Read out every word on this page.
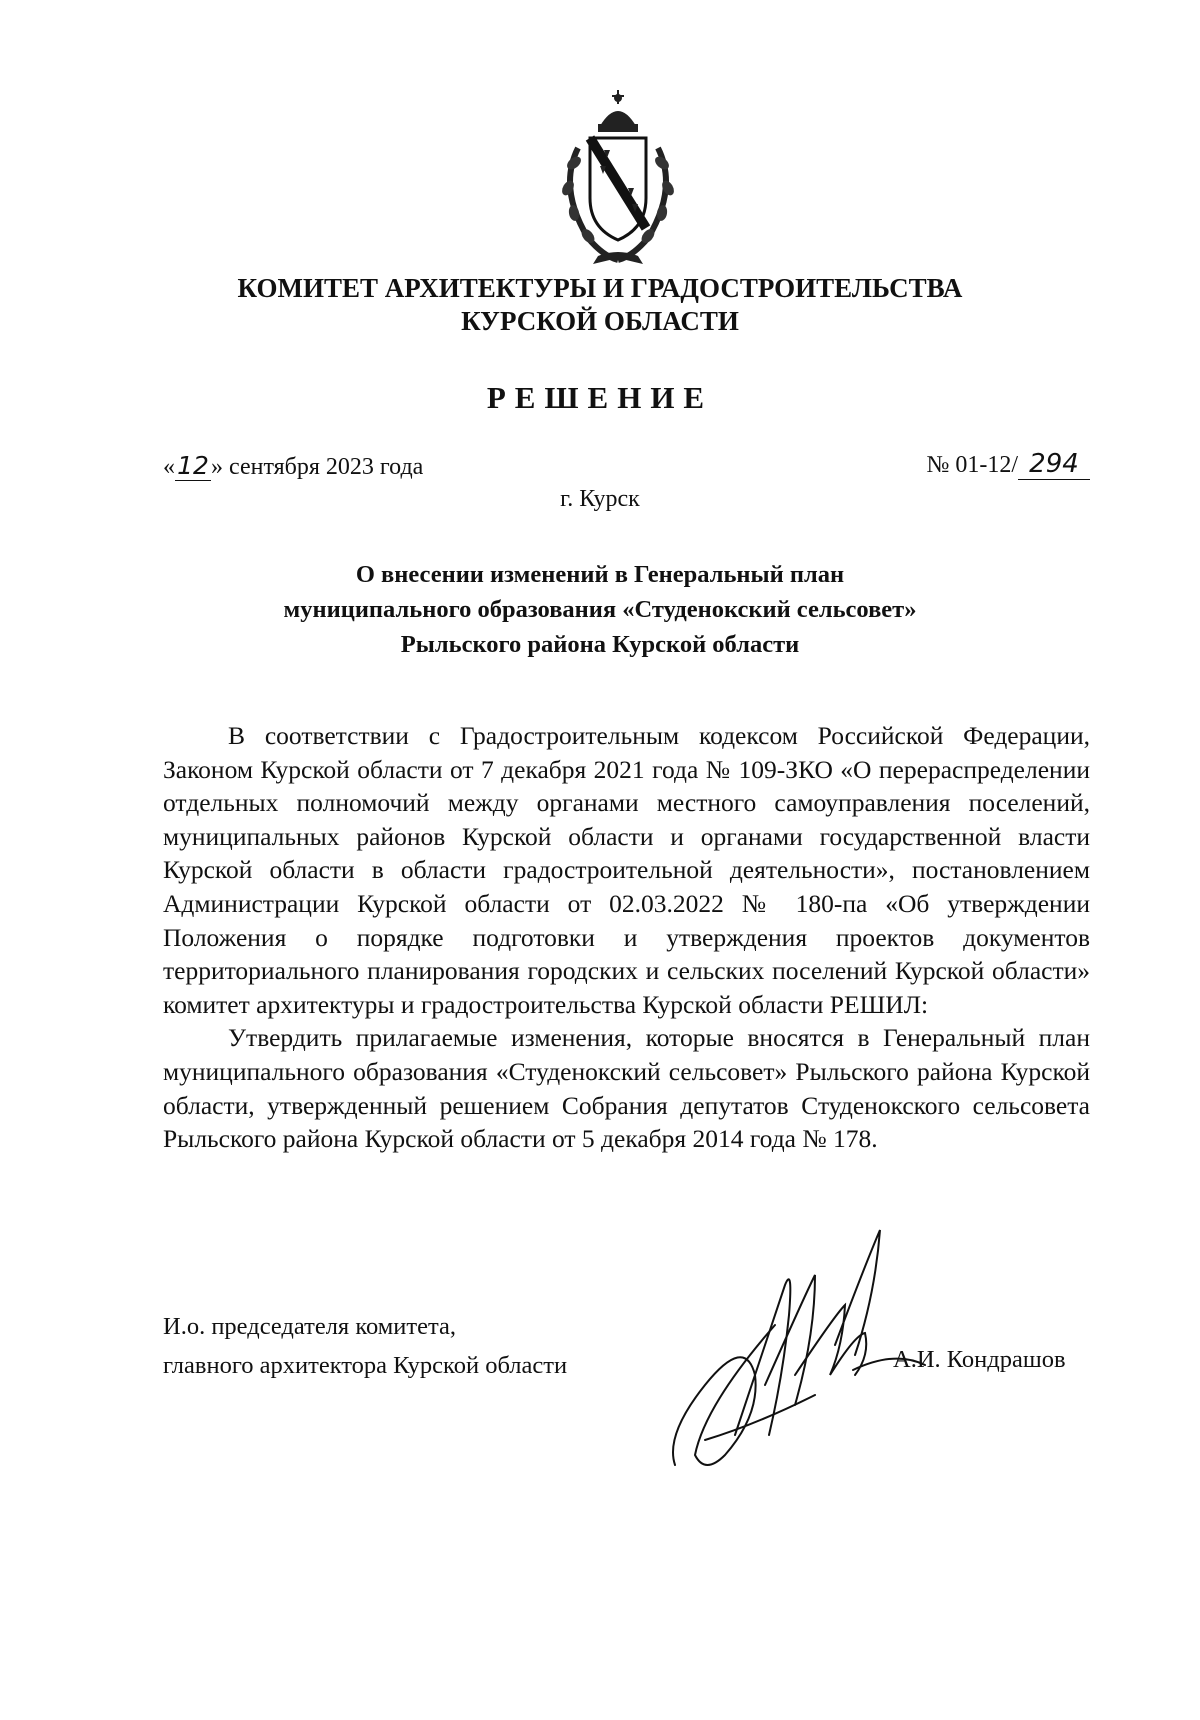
КОМИТЕТ АРХИТЕКТУРЫ И ГРАДОСТРОИТЕЛЬСТВА
КУРСКОЙ ОБЛАСТИ
РЕШЕНИЕ
«12» сентября 2023 года	№ 01-12/ 294
г. Курск
О внесении изменений в Генеральный план
муниципального образования «Студенокский сельсовет»
Рыльского района Курской области

В соответствии с Градостроительным кодексом Российской Федерации, Законом Курской области от 7 декабря 2021 года № 109-ЗКО «О перераспределении отдельных полномочий между органами местного самоуправления поселений, муниципальных районов Курской области и органами государственной власти Курской области в области градостроительной деятельности», постановлением Администрации Курской области от 02.03.2022 № 180-па «Об утверждении Положения о порядке подготовки и утверждения проектов документов территориального планирования городских и сельских поселений Курской области» комитет архитектуры и градостроительства Курской области РЕШИЛ:

Утвердить прилагаемые изменения, которые вносятся в Генеральный план муниципального образования «Студенокский сельсовет» Рыльского района Курской области, утвержденный решением Собрания депутатов Студенокского сельсовета Рыльского района Курской области от 5 декабря 2014 года № 178.

И.о. председателя комитета,
главного архитектора Курской области	А.И. Кондрашов
